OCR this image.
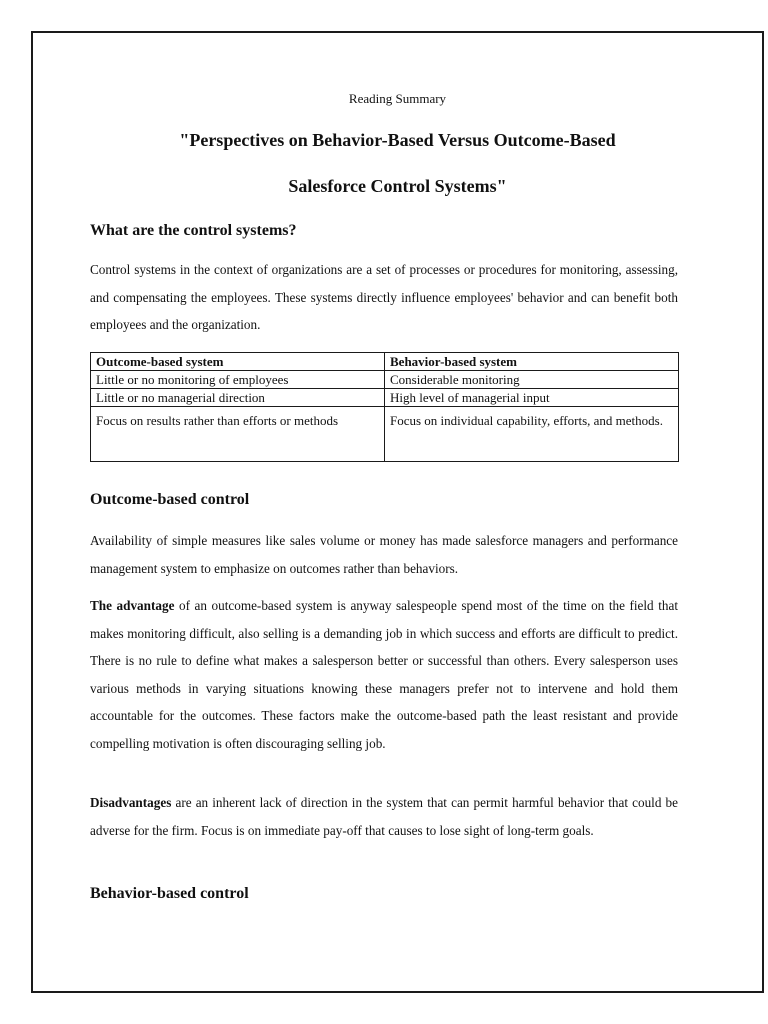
Reading Summary

"Perspectives on Behavior-Based Versus Outcome-Based
Salesforce Control Systems"
What are the control systems?

Control systems in the context of organizations are a set of processes or procedures for monitoring, assessing, and compensating the employees. These systems directly influence employees' behavior and can benefit both employees and the organization.

Outcome-based system	Behavior-based system
Little or no monitoring of employees	Considerable monitoring
Little or no managerial direction	High level of managerial input
Focus on results rather than efforts or methods	Focus on individual capability, efforts, and methods.
Outcome-based control

Availability of simple measures like sales volume or money has made salesforce managers and performance management system to emphasize on outcomes rather than behaviors.

The advantage of an outcome-based system is anyway salespeople spend most of the time on the field that makes monitoring difficult, also selling is a demanding job in which success and efforts are difficult to predict. There is no rule to define what makes a salesperson better or successful than others. Every salesperson uses various methods in varying situations knowing these managers prefer not to intervene and hold them accountable for the outcomes. These factors make the outcome-based path the least resistant and provide compelling motivation is often discouraging selling job.

Disadvantages are an inherent lack of direction in the system that can permit harmful behavior that could be adverse for the firm. Focus is on immediate pay-off that causes to lose sight of long-term goals.

Behavior-based control
